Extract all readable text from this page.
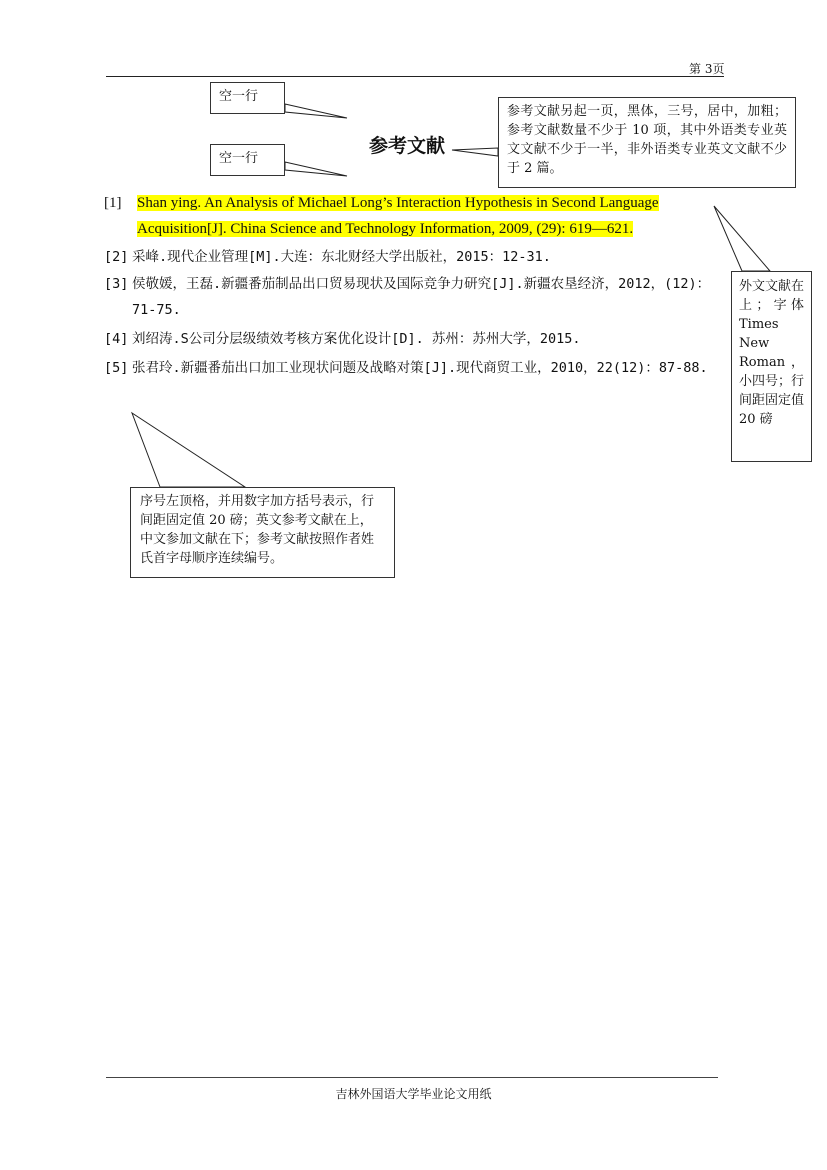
第 3页
空一行
空一行
参考文献另起一页，黑体，三号，居中，加粗；参考文献数量不少于 10 项，其中外语类专业英文文献不少于一半，非外语类专业英文文献不少于 2 篇。
参考文献
[1]	Shan ying. An Analysis of Michael Long’s Interaction Hypothesis in Second Language Acquisition[J]. China Science and Technology Information, 2009, (29): 619—621.
[2] 采峰.现代企业管理[M].大连：东北财经大学出版社，2015：12-31.
[3] 侯敬媛，王磊.新疆番茄制品出口贸易现状及国际竞争力研究[J].新疆农垦经济，2012，(12)：71-75.
[4] 刘绍涛.S公司分层级绩效考核方案优化设计[D]. 苏州：苏州大学，2015.
[5] 张君玲.新疆番茄出口加工业现状问题及战略对策[J].现代商贸工业，2010，22(12)：87-88.
外文文献在上；字体 Times New Roman，小四号；行间距固定值 20 磅
序号左顶格，并用数字加方括号表示，行间距固定值 20 磅；英文参考文献在上，中文参加文献在下；参考文献按照作者姓氏首字母顺序连续编号。
吉林外国语大学毕业论文用纸
